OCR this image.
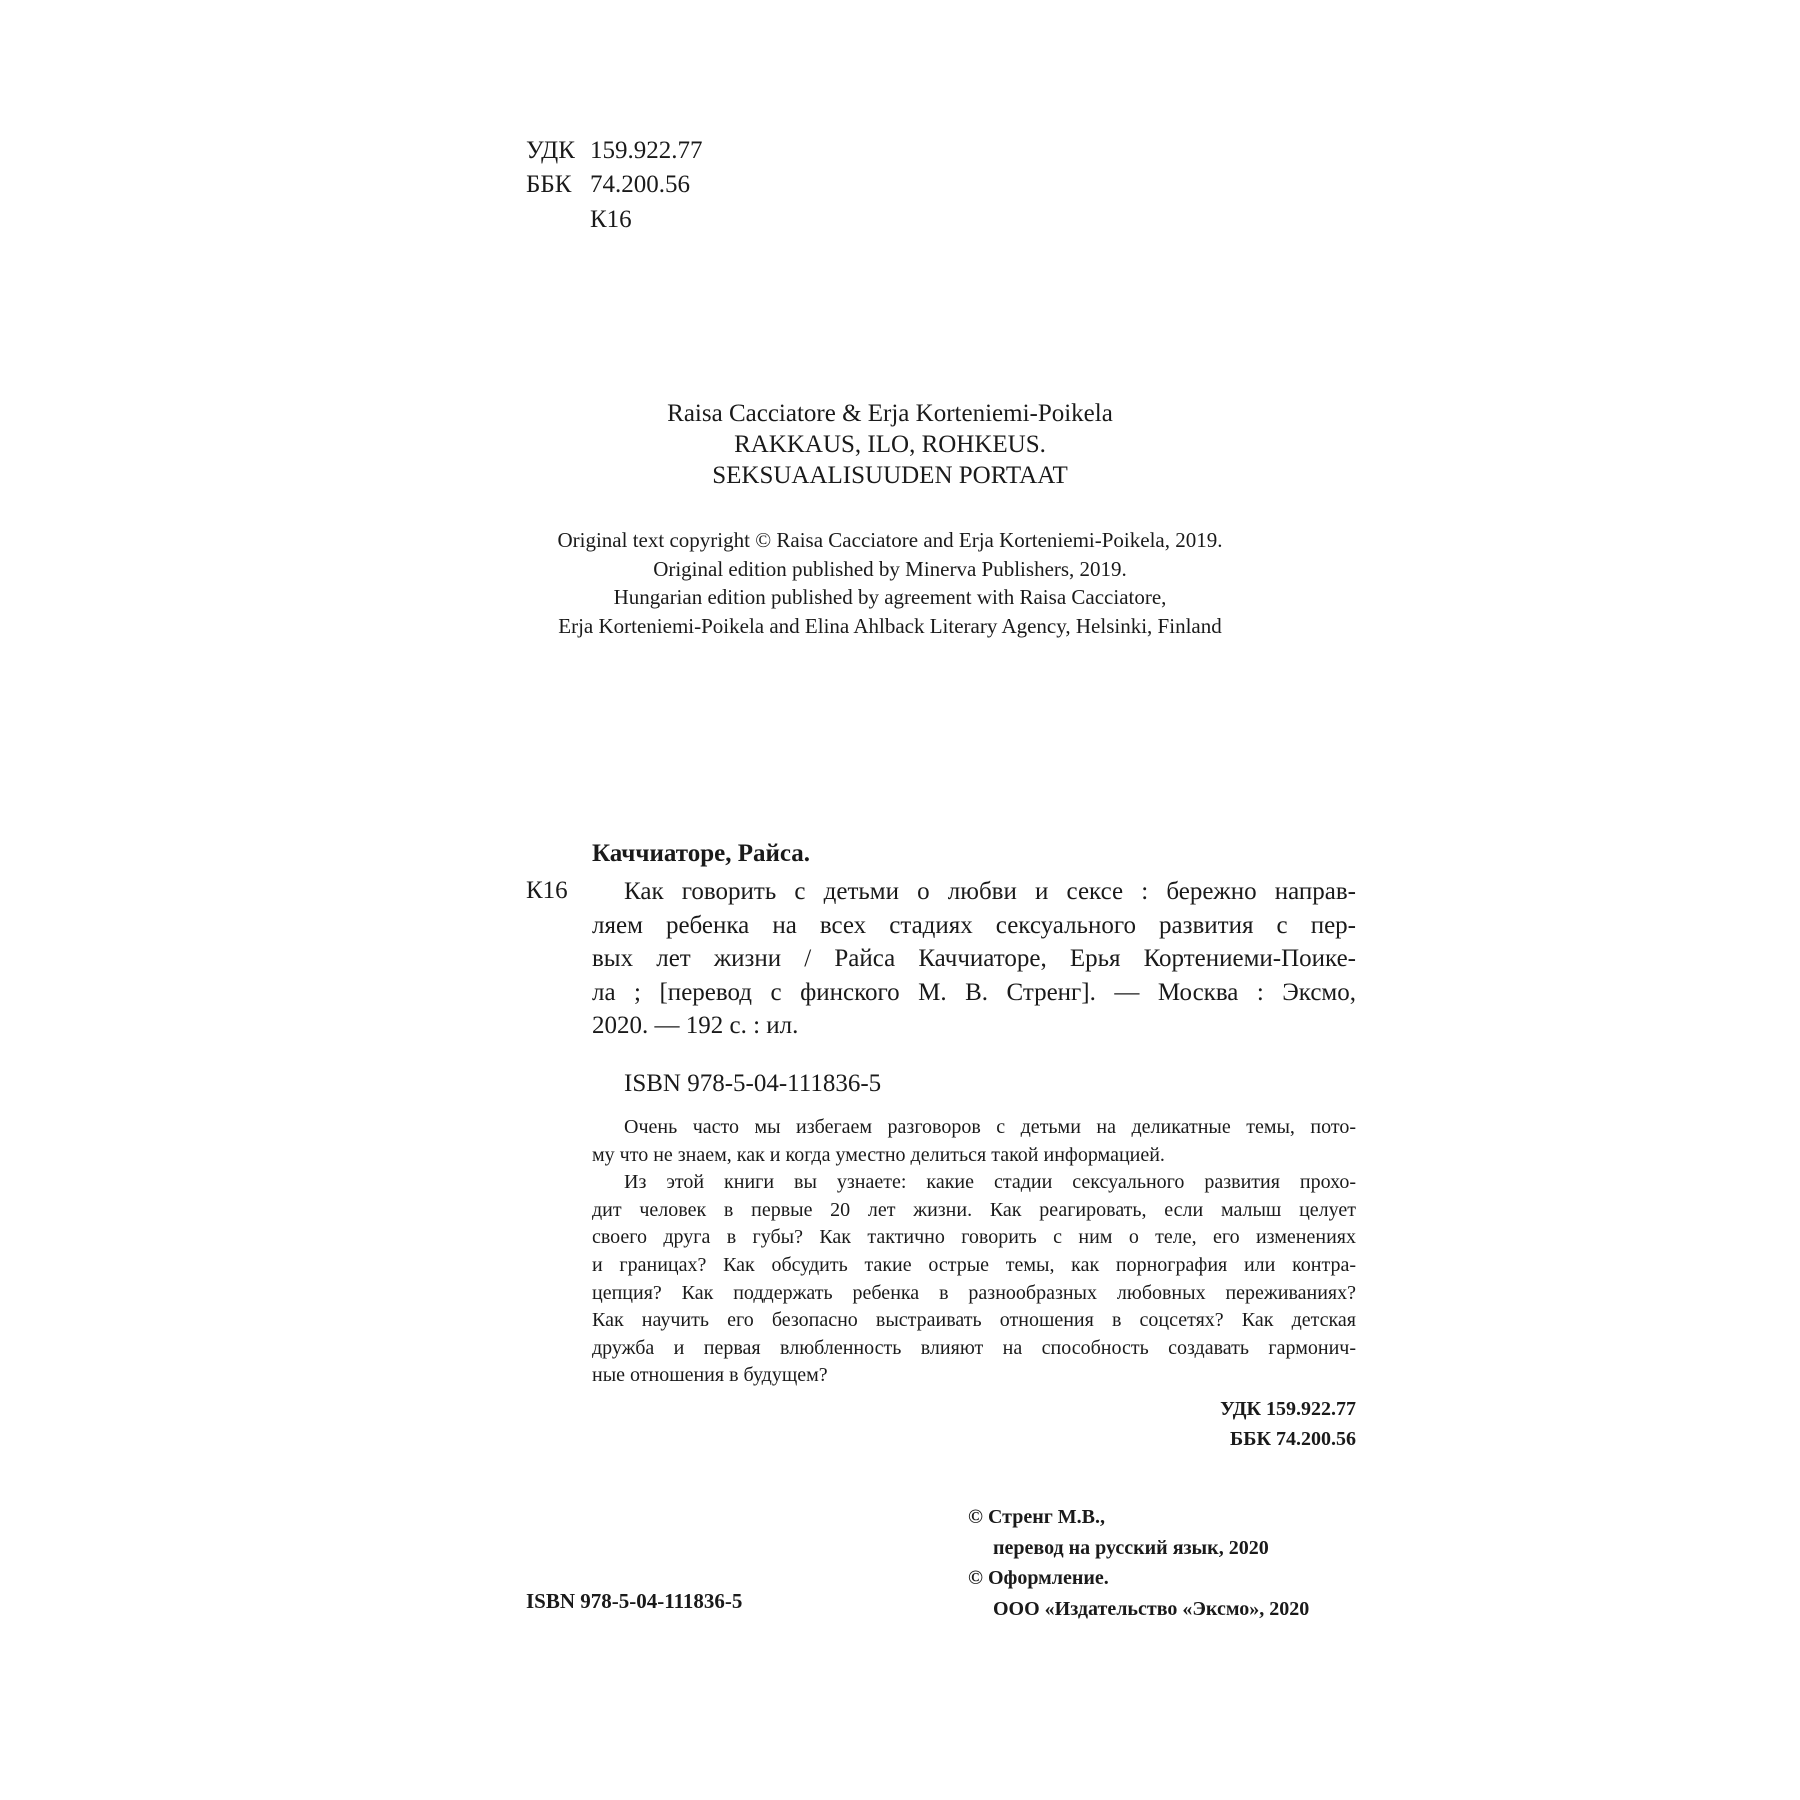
УДК 159.922.77
ББК 74.200.56
К16
Raisa Cacciatore & Erja Korteniemi-Poikela
RAKKAUS, ILO, ROHKEUS.
SEKSUAALISUUDEN PORTAAT
Original text copyright © Raisa Cacciatore and Erja Korteniemi-Poikela, 2019.
Original edition published by Minerva Publishers, 2019.
Hungarian edition published by agreement with Raisa Cacciatore,
Erja Korteniemi-Poikela and Elina Ahlback Literary Agency, Helsinki, Finland
Каччиаторе, Райса.
К16	Как говорить с детьми о любви и сексе : бережно направ-
ляем ребенка на всех стадиях сексуального развития с пер-
вых лет жизни / Райса Каччиаторе, Ерья Кортениеми-Поике-
ла ; [перевод с финского М. В. Стренг]. — Москва : Эксмо,
2020. — 192 с. : ил.
ISBN 978-5-04-111836-5
Очень часто мы избегаем разговоров с детьми на деликатные темы, пото-
му что не знаем, как и когда уместно делиться такой информацией.
Из этой книги вы узнаете: какие стадии сексуального развития прохо-
дит человек в первые 20 лет жизни. Как реагировать, если малыш целует
своего друга в губы? Как тактично говорить с ним о теле, его изменениях
и границах? Как обсудить такие острые темы, как порнография или контра-
цепция? Как поддержать ребенка в разнообразных любовных переживаниях?
Как научить его безопасно выстраивать отношения в соцсетях? Как детская
дружба и первая влюбленность влияют на способность создавать гармонич-
ные отношения в будущем?
УДК 159.922.77
ББК 74.200.56
© Стренг М.В.,
перевод на русский язык, 2020
© Оформление.
ООО «Издательство «Эксмо», 2020
ISBN 978-5-04-111836-5
